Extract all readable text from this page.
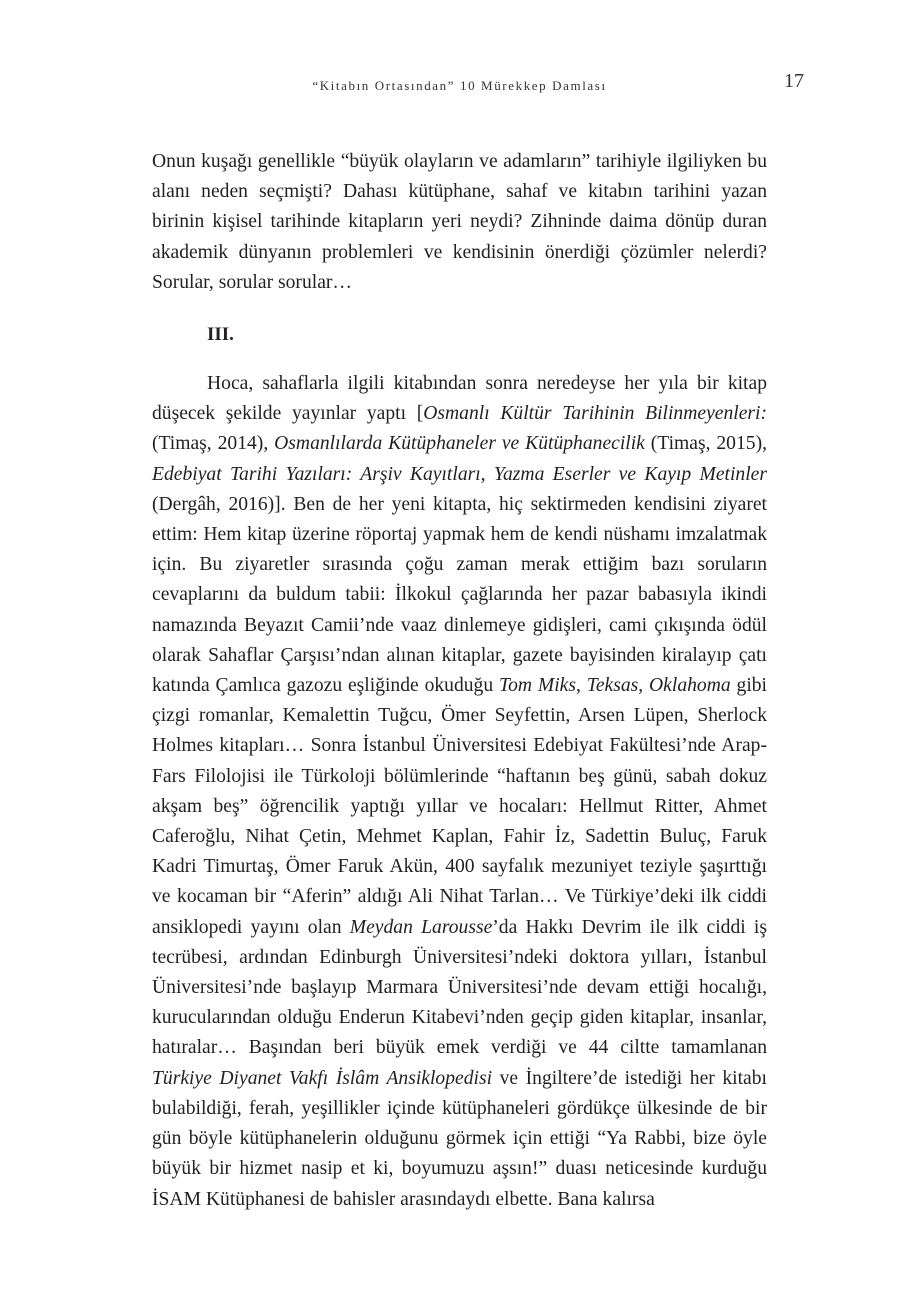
“Kitabın Ortasından” 10 Mürekkep Damlası	17

Onun kuşağı genellikle “büyük olayların ve adamların” tarihiyle ilgiliyken bu alanı neden seçmişti? Dahası kütüphane, sahaf ve kitabın tarihini yazan birinin kişisel tarihinde kitapların yeri neydi? Zihninde daima dönüp duran akademik dünyanın problemleri ve kendisinin önerdiği çözümler nelerdi? Sorular, sorular sorular…

III.

Hoca, sahaflarla ilgili kitabından sonra neredeyse her yıla bir kitap düşecek şekilde yayınlar yaptı [Osmanlı Kültür Tarihinin Bilinmeyenleri: (Timaş, 2014), Osmanlılarda Kütüphaneler ve Kütüphanecilik (Timaş, 2015), Edebiyat Tarihi Yazıları: Arşiv Kayıtları, Yazma Eserler ve Kayıp Metinler (Dergâh, 2016)]. Ben de her yeni kitapta, hiç sektirmeden kendisini ziyaret ettim: Hem kitap üzerine röportaj yapmak hem de kendi nüshamı imzalatmak için. Bu ziyaretler sırasında çoğu zaman merak ettiğim bazı soruların cevaplarını da buldum tabii: İlkokul çağlarında her pazar babasıyla ikindi namazında Beyazıt Camii’nde vaaz dinlemeye gidişleri, cami çıkışında ödül olarak Sahaflar Çarşısı’ndan alınan kitaplar, gazete bayisinden kiralayıp çatı katında Çamlıca gazozu eşliğinde okuduğu Tom Miks, Teksas, Oklahoma gibi çizgi romanlar, Kemalettin Tuğcu, Ömer Seyfettin, Arsen Lüpen, Sherlock Holmes kitapları… Sonra İstanbul Üniversitesi Edebiyat Fakültesi’nde Arap-Fars Filolojisi ile Türkoloji bölümlerinde “haftanın beş günü, sabah dokuz akşam beş” öğrencilik yaptığı yıllar ve hocaları: Hellmut Ritter, Ahmet Caferoğlu, Nihat Çetin, Mehmet Kaplan, Fahir İz, Sadettin Buluç, Faruk Kadri Timurtaş, Ömer Faruk Akün, 400 sayfalık mezuniyet teziyle şaşırttığı ve kocaman bir “Aferin” aldığı Ali Nihat Tarlan… Ve Türkiye’deki ilk ciddi ansiklopedi yayını olan Meydan Larousse’da Hakkı Devrim ile ilk ciddi iş tecrübesi, ardından Edinburgh Üniversitesi’ndeki doktora yılları, İstanbul Üniversitesi’nde başlayıp Marmara Üniversitesi’nde devam ettiği hocalığı, kurucularından olduğu Enderun Kitabevi’nden geçip giden kitaplar, insanlar, hatıralar… Başından beri büyük emek verdiği ve 44 ciltte tamamlanan Türkiye Diyanet Vakfı İslâm Ansiklopedisi ve İngiltere’de istediği her kitabı bulabildiği, ferah, yeşillikler içinde kütüphaneleri gördükçe ülkesinde de bir gün böyle kütüphanelerin olduğunu görmek için ettiği “Ya Rabbi, bize öyle büyük bir hizmet nasip et ki, boyumuzu aşsın!” duası neticesinde kurduğu İSAM Kütüphanesi de bahisler arasındaydı elbette. Bana kalırsa
